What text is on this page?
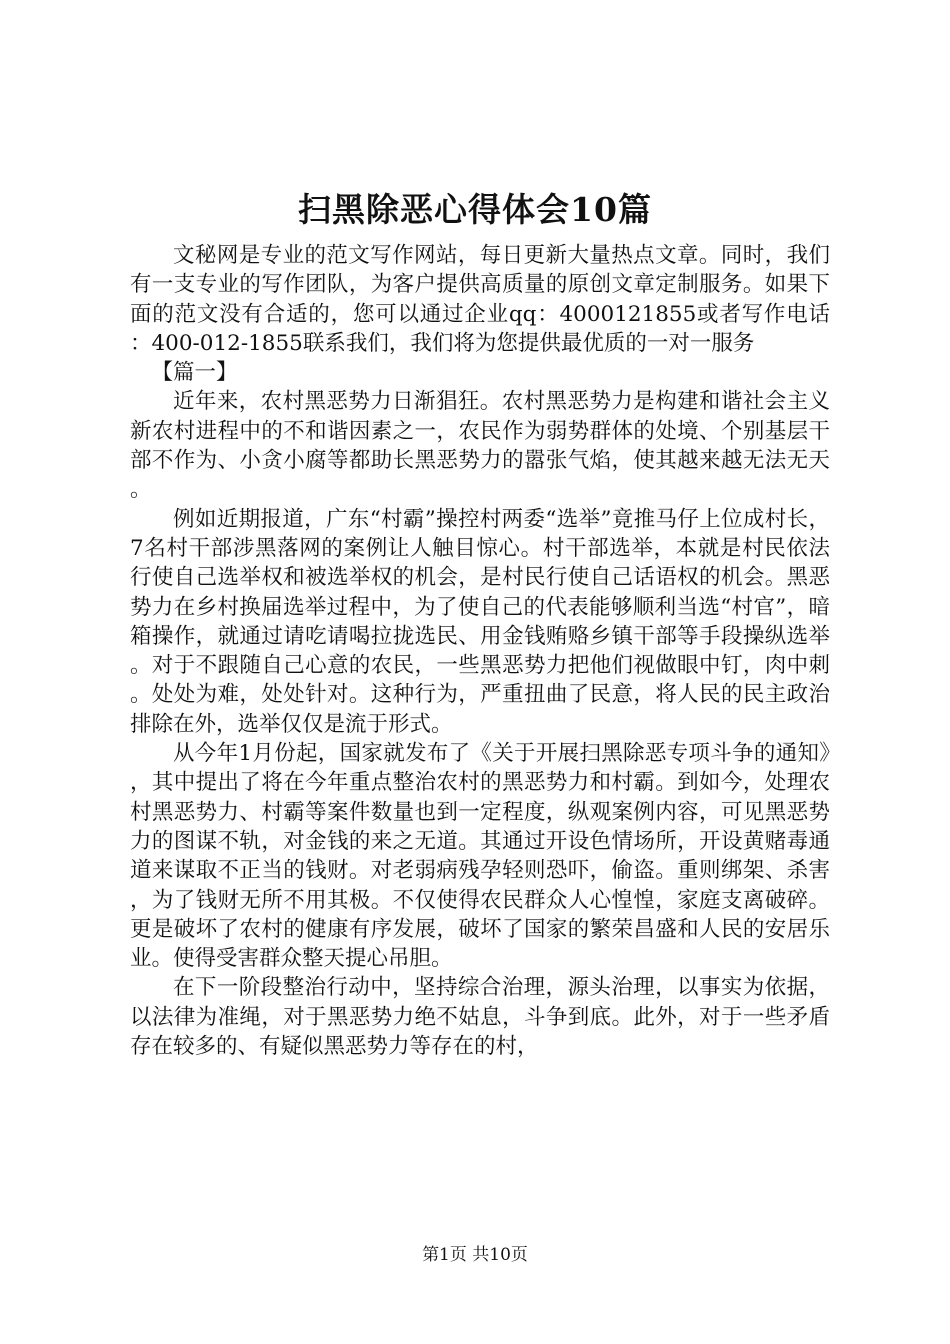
扫黑除恶心得体会10篇

文秘网是专业的范文写作网站，每日更新大量热点文章。同时，我们有一支专业的写作团队，为客户提供高质量的原创文章定制服务。如果下面的范文没有合适的，您可以通过企业qq：4000121855或者写作电话：400-012-1855联系我们，我们将为您提供最优质的一对一服务

【篇一】

近年来，农村黑恶势力日渐猖狂。农村黑恶势力是构建和谐社会主义新农村进程中的不和谐因素之一，农民作为弱势群体的处境、个别基层干部不作为、小贪小腐等都助长黑恶势力的嚣张气焰，使其越来越无法无天。

例如近期报道，广东“村霸”操控村两委“选举”竟推马仔上位成村长，7名村干部涉黑落网的案例让人触目惊心。村干部选举，本就是村民依法行使自己选举权和被选举权的机会，是村民行使自己话语权的机会。黑恶势力在乡村换届选举过程中，为了使自己的代表能够顺利当选“村官”，暗箱操作，就通过请吃请喝拉拢选民、用金钱贿赂乡镇干部等手段操纵选举。对于不跟随自己心意的农民，一些黑恶势力把他们视做眼中钉，肉中刺。处处为难，处处针对。这种行为，严重扭曲了民意，将人民的民主政治排除在外，选举仅仅是流于形式。

从今年1月份起，国家就发布了《关于开展扫黑除恶专项斗争的通知》，其中提出了将在今年重点整治农村的黑恶势力和村霸。到如今，处理农村黑恶势力、村霸等案件数量也到一定程度，纵观案例内容，可见黑恶势力的图谋不轨，对金钱的来之无道。其通过开设色情场所，开设黄赌毒通道来谋取不正当的钱财。对老弱病残孕轻则恐吓，偷盗。重则绑架、杀害，为了钱财无所不用其极。不仅使得农民群众人心惶惶，家庭支离破碎。更是破坏了农村的健康有序发展，破坏了国家的繁荣昌盛和人民的安居乐业。使得受害群众整天提心吊胆。

在下一阶段整治行动中，坚持综合治理，源头治理，以事实为依据，以法律为准绳，对于黑恶势力绝不姑息，斗争到底。此外，对于一些矛盾存在较多的、有疑似黑恶势力等存在的村，

第1页 共10页
